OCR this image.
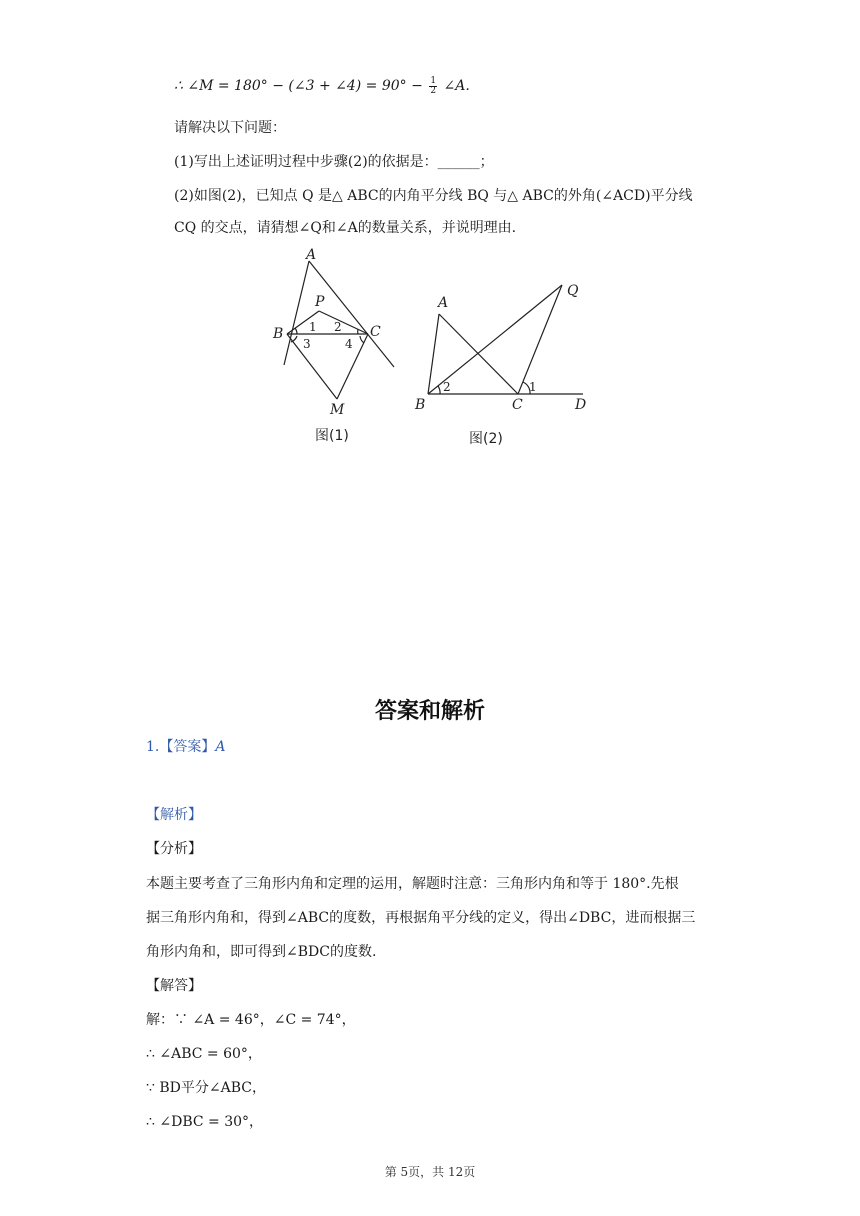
∴ ∠M = 180° − (∠3 + ∠4) = $90^\circ - \frac{1}{2}$ ∠A.
请解决以下问题：
(1)写出上述证明过程中步骤(2)的依据是：______；
(2)如图(2)，已知点 Q 是△ ABC的内角平分线 BQ 与△ ABC的外角(∠ACD)平分线
CQ 的交点，请猜想∠Q和∠A的数量关系，并说明理由.
A
P
B	C
M
1 2
3	4
图(1)
A
Q
B	C	D
2	1
图(2)
答案和解析
1.【答案】A
【解析】
【分析】
本题主要考查了三角形内角和定理的运用，解题时注意：三角形内角和等于 180°.先根
据三角形内角和，得到∠ABC的度数，再根据角平分线的定义，得出∠DBC，进而根据三
角形内角和，即可得到∠BDC的度数.
【解答】
解：∵ ∠A = 46°，∠C = 74°，
∴ ∠ABC = 60°，
∵ BD平分∠ABC，
∴ ∠DBC = 30°，
第 5页，共 12页
